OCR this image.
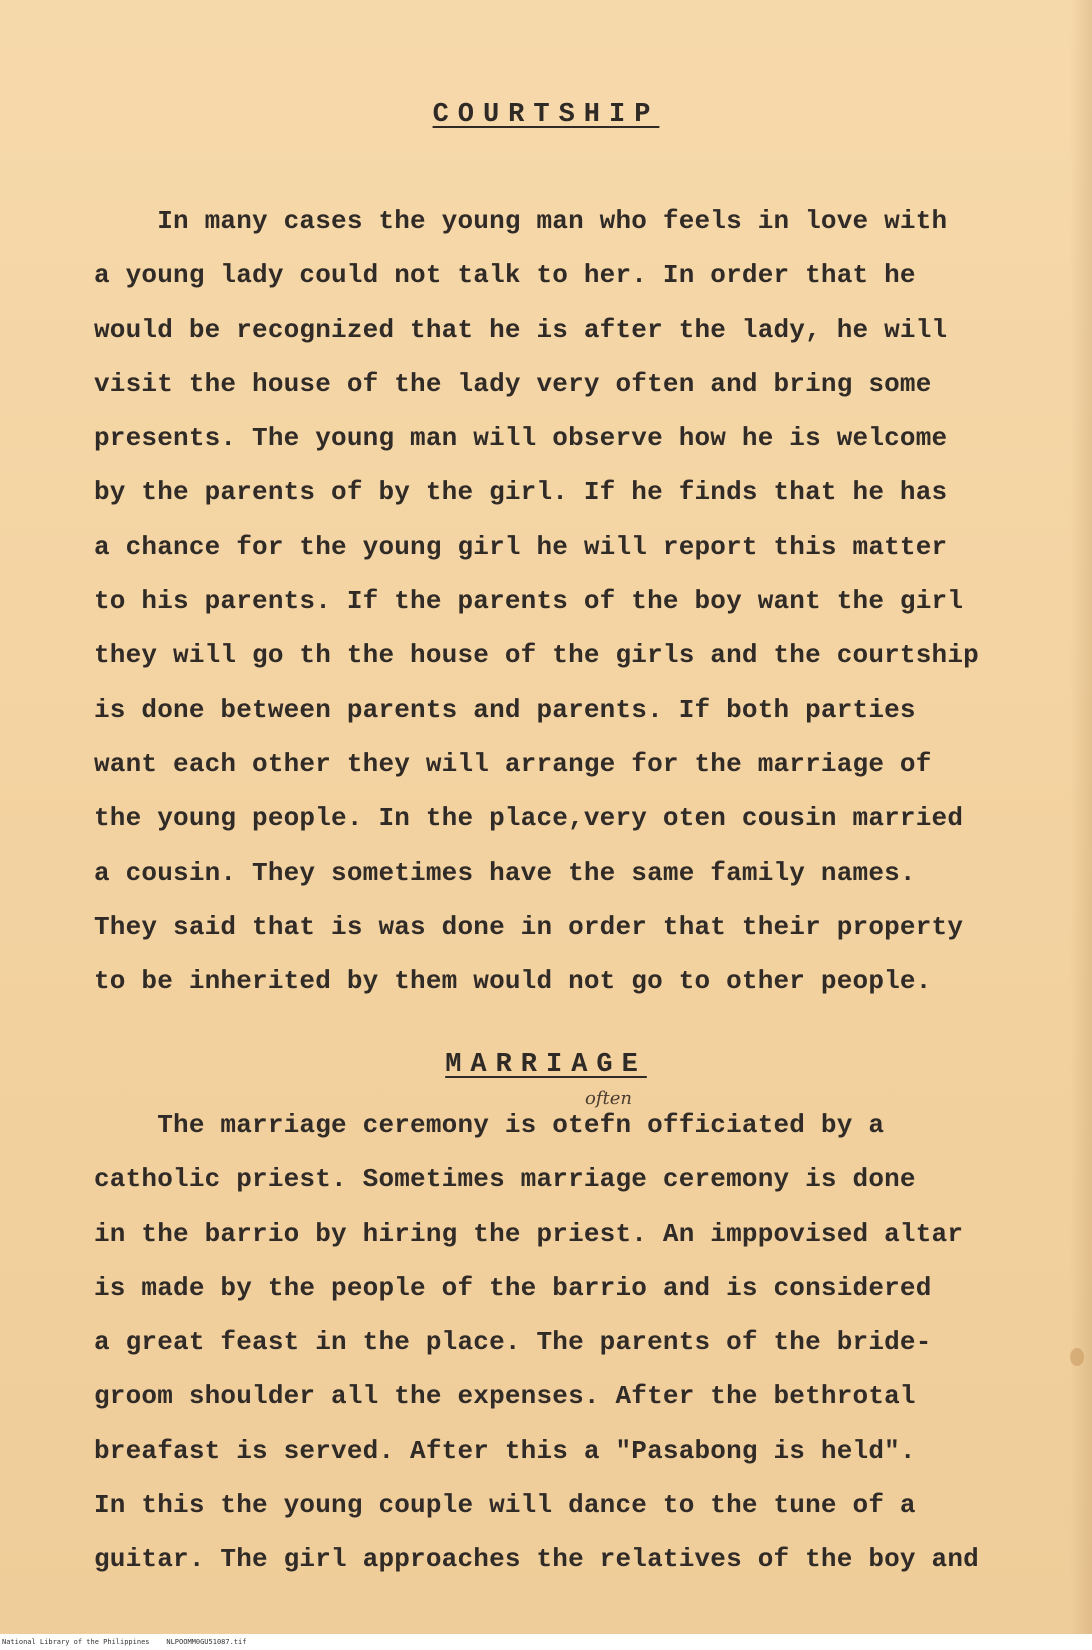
COURTSHIP
In many cases the young man who feels in love with
a young lady could not talk to her. In order that he
would be recognized that he is after the lady, he will
visit the house of the lady very often and bring some
presents. The young man will observe how he is welcome
by the parents of by the girl. If he finds that he has
a chance for the young girl he will report this matter
to his parents. If the parents of the boy want the girl
they will go th the house of the girls and the courtship
is done between parents and parents. If both parties
want each other they will arrange for the marriage of
the young people. In the place,very oten cousin married
a cousin. They sometimes have the same family names.
They said that is was done in order that their property
to be inherited by them would not go to other people.
MARRIAGE
often
The marriage ceremony is otefn officiated by a
catholic priest. Sometimes marriage ceremony is done
in the barrio by hiring the priest. An imppovised altar
is made by the people of the barrio and is considered
a great feast in the place. The parents of the bride-
groom shoulder all the expenses. After the bethrotal
breafast is served. After this a "Pasabong is held".
In this the young couple will dance to the tune of a
guitar. The girl approaches the relatives of the boy and
National Library of the Philippines NLPOOMM0GU51087.tif
